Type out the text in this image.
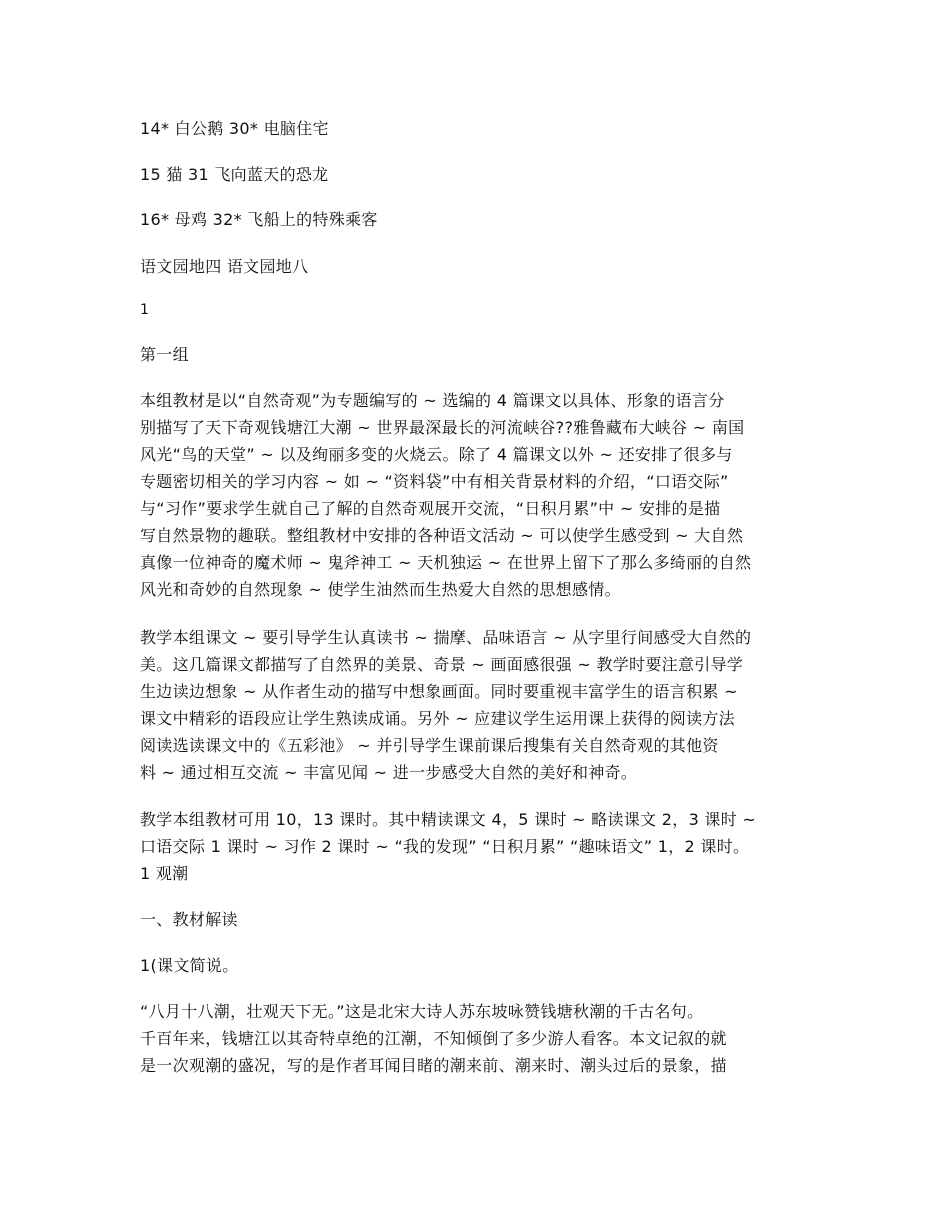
14* 白公鹅 30* 电脑住宅
15 猫 31 飞向蓝天的恐龙
16* 母鸡 32* 飞船上的特殊乘客
语文园地四 语文园地八
1
第一组
本组教材是以“自然奇观”为专题编写的 ~ 选编的 4 篇课文以具体、形象的语言分
别描写了天下奇观钱塘江大潮 ~ 世界最深最长的河流峡谷??雅鲁藏布大峡谷 ~ 南国
风光“鸟的天堂” ~ 以及绚丽多变的火烧云。除了 4 篇课文以外 ~ 还安排了很多与
专题密切相关的学习内容 ~ 如 ~ “资料袋”中有相关背景材料的介绍，“口语交际”
与“习作”要求学生就自己了解的自然奇观展开交流，“日积月累”中 ~ 安排的是描
写自然景物的趣联。整组教材中安排的各种语文活动 ~ 可以使学生感受到 ~ 大自然
真像一位神奇的魔术师 ~ 鬼斧神工 ~ 天机独运 ~ 在世界上留下了那么多绮丽的自然
风光和奇妙的自然现象 ~ 使学生油然而生热爱大自然的思想感情。
教学本组课文 ~ 要引导学生认真读书 ~ 揣摩、品味语言 ~ 从字里行间感受大自然的
美。这几篇课文都描写了自然界的美景、奇景 ~ 画面感很强 ~ 教学时要注意引导学
生边读边想象 ~ 从作者生动的描写中想象画面。同时要重视丰富学生的语言积累 ~
课文中精彩的语段应让学生熟读成诵。另外 ~ 应建议学生运用课上获得的阅读方法
阅读选读课文中的《五彩池》 ~ 并引导学生课前课后搜集有关自然奇观的其他资
料 ~ 通过相互交流 ~ 丰富见闻 ~ 进一步感受大自然的美好和神奇。
教学本组教材可用 10，13 课时。其中精读课文 4，5 课时 ~ 略读课文 2，3 课时 ~
口语交际 1 课时 ~ 习作 2 课时 ~ “我的发现” “日积月累” “趣味语文” 1，2 课时。
1 观潮
一、教材解读
1(课文简说。
“八月十八潮，壮观天下无。”这是北宋大诗人苏东坡咏赞钱塘秋潮的千古名句。
千百年来，钱塘江以其奇特卓绝的江潮，不知倾倒了多少游人看客。本文记叙的就
是一次观潮的盛况，写的是作者耳闻目睹的潮来前、潮来时、潮头过后的景象，描
